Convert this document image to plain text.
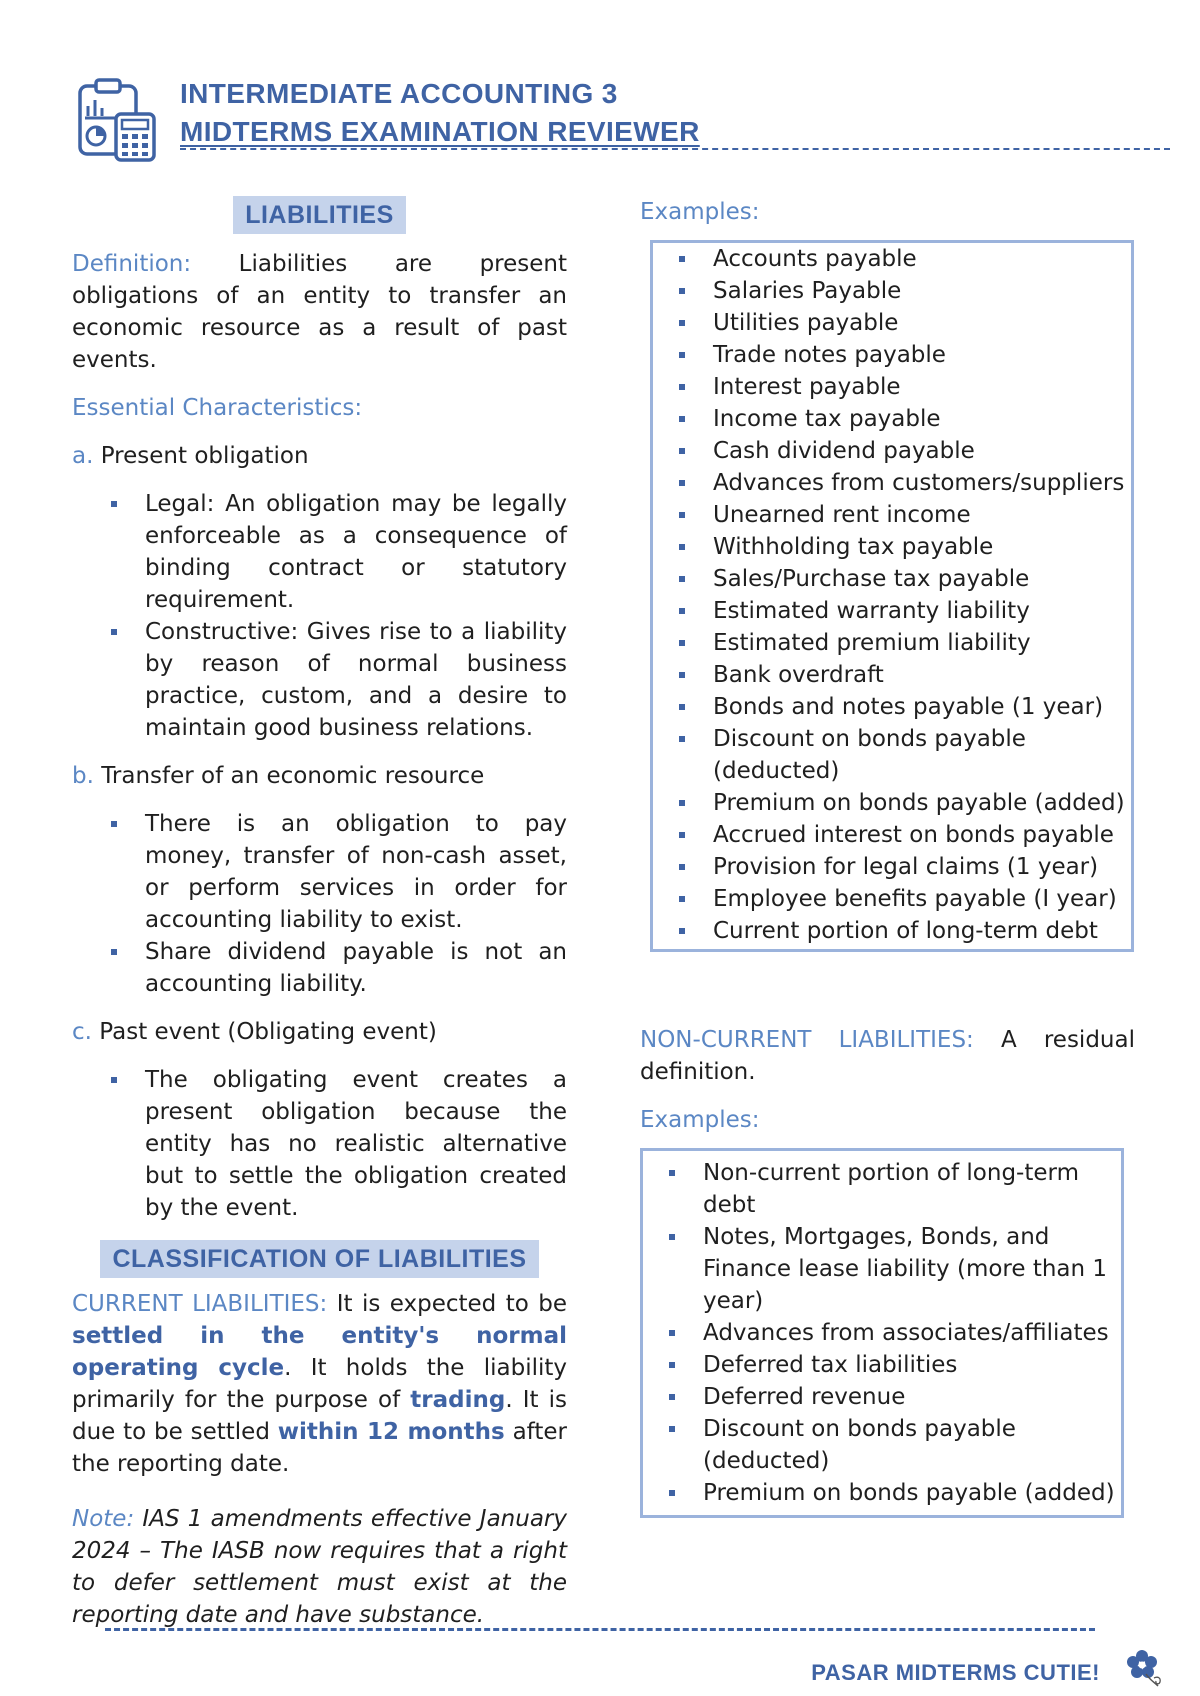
INTERMEDIATE ACCOUNTING 3
MIDTERMS EXAMINATION REVIEWER
LIABILITIES

Definition: Liabilities are present obligations of an entity to transfer an economic resource as a result of past events.

Essential Characteristics:

a. Present obligation

Legal: An obligation may be legally enforceable as a consequence of binding contract or statutory requirement.
Constructive: Gives rise to a liability by reason of normal business practice, custom, and a desire to maintain good business relations.

b. Transfer of an economic resource

There is an obligation to pay money, transfer of non-cash asset, or perform services in order for accounting liability to exist.
Share dividend payable is not an accounting liability.

c. Past event (Obligating event)

The obligating event creates a present obligation because the entity has no realistic alternative but to settle the obligation created by the event.
CLASSIFICATION OF LIABILITIES

CURRENT LIABILITIES: It is expected to be settled in the entity's normal operating cycle. It holds the liability primarily for the purpose of trading. It is due to be settled within 12 months after the reporting date.

Note: IAS 1 amendments effective January 2024 – The IASB now requires that a right to defer settlement must exist at the reporting date and have substance.

Examples:

Accounts payable
Salaries Payable
Utilities payable
Trade notes payable
Interest payable
Income tax payable
Cash dividend payable
Advances from customers/suppliers
Unearned rent income
Withholding tax payable
Sales/Purchase tax payable
Estimated warranty liability
Estimated premium liability
Bank overdraft
Bonds and notes payable (1 year)
Discount on bonds payable (deducted)
Premium on bonds payable (added)
Accrued interest on bonds payable
Provision for legal claims (1 year)
Employee benefits payable (I year)
Current portion of long-term debt

NON-CURRENT LIABILITIES: A residual definition.

Examples:

Non-current portion of long-term debt
Notes, Mortgages, Bonds, and Finance lease liability (more than 1 year)
Advances from associates/affiliates
Deferred tax liabilities
Deferred revenue
Discount on bonds payable (deducted)
Premium on bonds payable (added)
PASAR MIDTERMS CUTIE!
